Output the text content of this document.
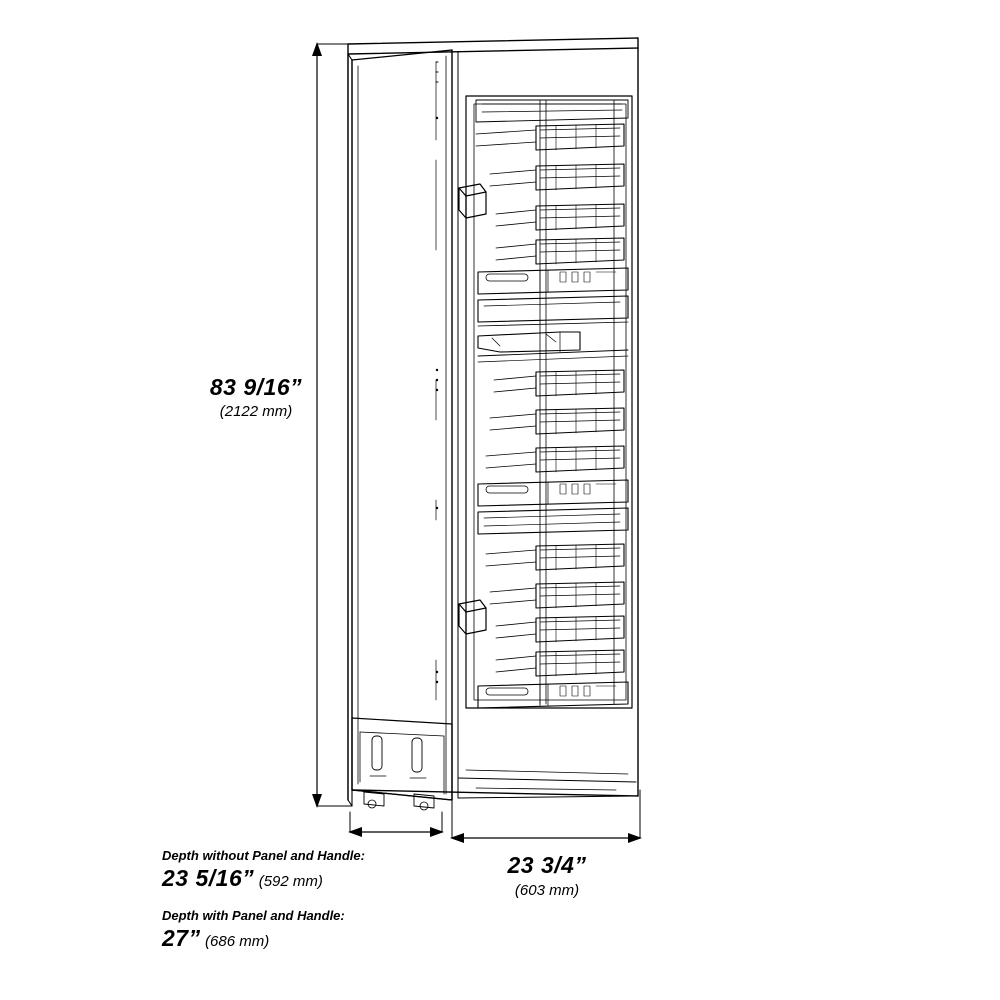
83 9/16”
(2122 mm)
23 3/4”
(603 mm)
Depth without Panel and Handle:
23 5/16” (592 mm)
Depth with Panel and Handle:
27” (686 mm)
